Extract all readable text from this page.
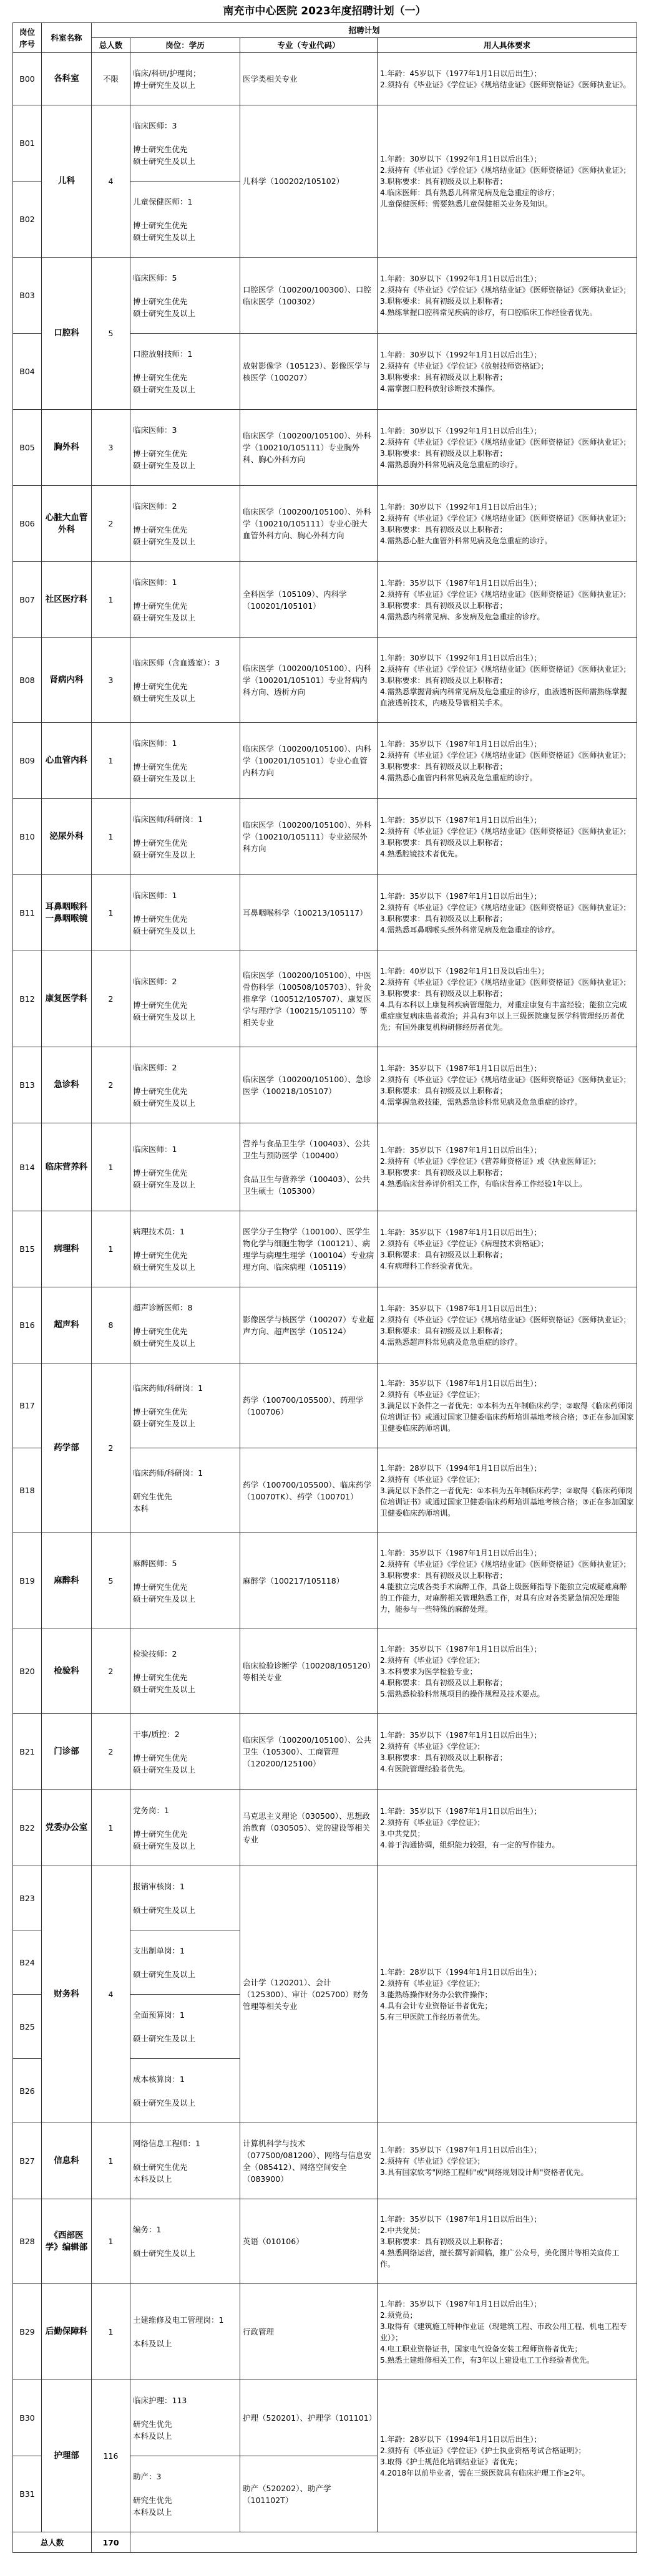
南充市中心医院 2023年度招聘计划（一）
岗位序号	科室名称	招聘计划			
		总人数	岗位：学历	专业（专业代码）	用人具体要求
B00	各科室	不限	临床/科研/护理岗；
博士研究生及以上	医学类相关专业	1.年龄：45岁以下（1977年1月1日以后出生）；
2.须持有《毕业证》《学位证》《规培结业证》《医师资格证》《医师执业证》。
B01	儿科	4	临床医师：3

博士研究生优先
硕士研究生及以上	儿科学（100202/105102）	1.年龄：30岁以下（1992年1月1日以后出生）；
2.须持有《毕业证》《学位证》《规培结业证》《医师资格证》《医师执业证》；
3.职称要求：具有初级及以上职称者；
4.临床医师：具有熟悉儿科常见病及危急重症的诊疗；
儿童保健医师：需要熟悉儿童保健相关业务及知识。
B02			儿童保健医师：1

博士研究生优先
硕士研究生及以上		
B03	口腔科	5	临床医师：5

博士研究生优先
硕士研究生及以上	口腔医学（100200/100300）、口腔临床医学（100302）	1.年龄：30岁以下（1992年1月1日以后出生）；
2.须持有《毕业证》《学位证》《规培结业证》《医师资格证》《医师执业证》；
3.职称要求：具有初级及以上职称者；
4.熟练掌握口腔科常见疾病的诊疗，有口腔临床工作经验者优先。
B04			口腔放射技师：1

博士研究生优先
硕士研究生及以上	放射影像学（105123）、影像医学与核医学（100207）	1.年龄：30岁以下（1992年1月1日以后出生）；
2.须持有《毕业证》《学位证》《放射技师资格证》；
3.职称要求：具有初级及以上职称者；
4.需掌握口腔科放射诊断技术操作。
B05	胸外科	3	临床医师：3

博士研究生优先
硕士研究生及以上	临床医学（100200/105100）、外科学（100210/105111）专业胸外科、胸心外科方向	1.年龄：30岁以下（1992年1月1日以后出生）；
2.须持有《毕业证》《学位证》《规培结业证》《医师资格证》《医师执业证》；
3.职称要求：具有初级及以上职称者；
4.需熟悉胸外科常见病及危急重症的诊疗。
B06	心脏大血管外科	2	临床医师：2

博士研究生优先
硕士研究生及以上	临床医学（100200/105100）、外科学（100210/105111）专业心脏大血管外科方向、胸心外科方向	1.年龄：30岁以下（1992年1月1日以后出生）；
2.须持有《毕业证》《学位证》《规培结业证》《医师资格证》《医师执业证》；
3.职称要求：具有初级及以上职称者；
4.需熟悉心脏大血管外科常见病及危急重症的诊疗。
B07	社区医疗科	1	临床医师：1

博士研究生优先
硕士研究生及以上	全科医学（105109）、内科学（100201/105101）	1.年龄：35岁以下（1987年1月1日以后出生）；
2.须持有《毕业证》《学位证》《规培结业证》《医师资格证》《医师执业证》；
3.职称要求：具有初级及以上职称者；
4.需熟悉内科常见病、多发病及危急重症的诊疗。
B08	肾病内科	3	临床医师（含血透室）：3

博士研究生优先
硕士研究生及以上	临床医学（100200/105100）、内科学（100201/105101）专业肾病内科方向、透析方向	1.年龄：30岁以下（1992年1月1日以后出生）；
2.须持有《毕业证》《学位证》《规培结业证》《医师资格证》《医师执业证》；
3.职称要求：具有初级及以上职称者；
4.需熟悉掌握肾病内科常见病及危急重症的诊疗，血液透析医师需熟练掌握血液透析技术，内瘘及导管相关手术。
B09	心血管内科	1	临床医师：1

博士研究生优先
硕士研究生及以上	临床医学（100200/105100）、内科学（100201/105101）专业心血管内科方向	1.年龄：35岁以下（1987年1月1日以后出生）；
2.须持有《毕业证》《学位证》《规培结业证》《医师资格证》《医师执业证》；
3.职称要求：具有初级及以上职称者；
4.需熟悉心血管内科常见病及危急重症的诊疗。
B10	泌尿外科	1	临床医师/科研岗：1

博士研究生优先
硕士研究生及以上	临床医学（100200/105100）、外科学（100210/105111）专业泌尿外科方向	1.年龄：35岁以下（1987年1月1日以后出生）；
2.须持有《毕业证》《学位证》《规培结业证》《医师资格证》《医师执业证》；
3.职称要求：具有初级及以上职称者；
4.熟悉腔镜技术者优先。
B11	耳鼻咽喉科一鼻咽喉镜	1	临床医师：1

博士研究生优先
硕士研究生及以上	耳鼻咽喉科学（100213/105117）	1.年龄：35岁以下（1987年1月1日以后出生）；
2.须持有《毕业证》《学位证》《规培结业证》《医师资格证》《医师执业证》；
3.职称要求：具有初级及以上职称者；
4.需熟悉耳鼻咽喉头颈外科常见病及危急重症的诊疗。
B12	康复医学科	2	临床医师：2

博士研究生优先
硕士研究生及以上	临床医学（100200/105100）、中医骨伤科学（100508/105703）、针灸推拿学（100512/105707）、康复医学与理疗学（100215/105110）等相关专业	1.年龄：40岁以下（1982年1月1日及以后出生）；
2.须持有《毕业证》《学位证》《规培结业证》《医师资格证》《医师执业证》；
3.职称要求：具有初级及以上职称者；
4.具有本科以上康复科疾病管理能力，对重症康复有丰富经验；能独立完成重症康复病床患者救治；并具有3年以上三级医院康复医学科管理经历者优先；有国外康复机构研修经历者优先。
B13	急诊科	2	临床医师：2

博士研究生优先
硕士研究生及以上	临床医学（100200/105100）、急诊医学（100218/105107）	1.年龄：35岁以下（1987年1月1日以后出生）；
2.须持有《毕业证》《学位证》《规培结业证》《医师资格证》《医师执业证》；
3.职称要求：具有初级及以上职称者；
4.需掌握急救技能，需熟悉急诊科常见病及危急重症的诊疗。
B14	临床营养科	1	临床医师：1

博士研究生优先
硕士研究生及以上	营养与食品卫生学（100403）、公共卫生与预防医学（100400）

食品卫生与营养学（100403）、公共卫生硕士（105300）	1.年龄：35岁以下（1987年1月1日以后出生）；
2.须持有《毕业证》《学位证》《营养师资格证》或《执业医师证》；
3.职称要求：具有初级及以上职称者；
4.熟悉临床营养评价相关工作，有临床营养工作经验1年以上。
B15	病理科	1	病理技术员：1

博士研究生优先
硕士研究生及以上	医学分子生物学（100100）、医学生物化学与细胞生物学（100121）、病理学与病理生理学（100104）专业病理方向、临床病理（105119）	1.年龄：35岁以下（1987年1月1日以后出生）；
2.须持有《毕业证》《学位证》《病理技术资格证》；
3.职称要求：具有初级及以上职称者；
4.有病理科工作经验者优先。
B16	超声科	8	超声诊断医师：8

博士研究生优先
硕士研究生及以上	影像医学与核医学（100207）专业超声方向、超声医学（105124）	1.年龄：35岁以下（1987年1月1日以后出生）；
2.须持有《毕业证》《学位证》《规培结业证》《医师资格证》《医师执业证》；
3.职称要求：具有初级及以上职称者；
4.需熟悉超声科常见病及危急重症的诊疗。
B17	药学部	2	临床药师/科研岗：1

博士研究生优先
硕士研究生及以上	药学（100700/105500）、药理学（100706）	1.年龄：35岁以下（1987年1月1日以后出生）；
2.须持有《毕业证》《学位证》；
3.满足以下条件之一者优先：①本科为五年制临床药学；②取得《临床药师岗位培训证书》或通过国家卫健委临床药师培训基地考核合格；③正在参加国家卫健委临床药师培训。
B18			临床药师/科研岗：1

研究生优先
本科	药学（100700/105500）、临床药学（10070TK）、药学（100701）	1.年龄：28岁以下（1994年1月1日以后出生）；
2.须持有《毕业证》《学位证》；
3.满足以下条件之一者优先：①本科为五年制临床药学；②取得《临床药师岗位培训证书》或通过国家卫健委临床药师培训基地考核合格；③正在参加国家卫健委临床药师培训。
B19	麻醉科	5	麻醉医师：5

博士研究生优先
硕士研究生及以上	麻醉学（100217/105118）	1.年龄：35岁以下（1987年1月1日以后出生）；
2.须持有《毕业证》《学位证》《规培结业证》《医师资格证》《医师执业证》；
3.职称要求：具有初级及以上职称者；
4.能独立完成各类手术麻醉工作，具备上级医师指导下能独立完成疑难麻醉的工作能力，对麻醉相关管理熟悉工作，对具有应对各类紧急情况处理能力，能参与一些特殊的麻醉处理。
B20	检验科	2	检验技师：2

博士研究生优先
硕士研究生及以上	临床检验诊断学（100208/105120）等相关专业	1.年龄：35岁以下（1987年1月1日以后出生）；
2.须持有《毕业证》《学位证》；
3.本科要求为医学检验专业；
4.职称要求：具有初级及以上职称者；
5.需熟悉检验科常规项目的操作规程及技术要点。
B21	门诊部	2	干事/质控：2

博士研究生优先
硕士研究生及以上	临床医学（100200/105100）、公共卫生（105300）、工商管理（120200/125100）	1.年龄：35岁以下（1987年1月1日以后出生）；
2.须持有《毕业证》《学位证》；
3.职称要求：具有初级及以上职称者；
4.有医院管理经验者优先。
B22	党委办公室	1	党务岗：1

博士研究生优先
硕士研究生及以上	马克思主义理论（030500）、思想政治教育（030505）、党的建设等相关专业	1.年龄：35岁以下（1987年1月1日以后出生）；
2.须持有《毕业证》《学位证》；
3.中共党员；
4.善于沟通协调，组织能力较强，有一定的写作能力。
B23	财务科	4	报销审核岗：1

硕士研究生及以上	会计学（120201）、会计（125300）、审计（025700）财务管理等相关专业	1.年龄：28岁以下（1994年1月1日以后出生）；
2.须持有《毕业证》《学位证》；
3.能熟练操作财务办公软件操作；
4.具有会计专业资格证书者优先；
5.有三甲医院工作经历者优先。
B24			支出制单岗：1

硕士研究生及以上		
B25			全面预算岗：1

硕士研究生及以上		
B26			成本核算岗：1

硕士研究生及以上		
B27	信息科	1	网络信息工程师：1

硕士研究生优先
本科及以上	计算机科学与技术（077500/081200）、网络与信息安全（085412）、网络空间安全（083900）	1.年龄：35岁以下（1987年1月1日以后出生）；
2.须持有《毕业证》《学位证》；
3.具有国家软考"网络工程师"或"网络规划设计师"资格者优先。
B28	《西部医学》编辑部	1	编务：1

硕士研究生及以上	英语（010106）	1.年龄：35岁以下（1987年1月1日以后出生）；
2.中共党员；
3.职称要求：具有初级及以上职称者；
4.熟悉网络运营，擅长撰写新闻稿，推广公众号，美化图片等相关宣传工作。
B29	后勤保障科	1	土建维修及电工管理岗：1

本科及以上	行政管理	1.年龄：35岁以下（1987年1月1日以后出生）；
2.须党员；
3.取得有《建筑施工特种作业证（现建筑工程、市政公用工程、机电工程专业）》；
4.电工职业资格证书，国家电气设备安装工程师资格者优先；
5.熟悉土建维修相关工作，有3年以上建设电工工作经验者优先。
B30	护理部	116	临床护理：113

研究生优先
本科及以上	护理（520201）、护理学（101101）	1.年龄：28岁以下（1994年1月1日以后出生）；
2.须持有《毕业证》《学位证》《护士执业资格考试合格证明》；
3.取得《护士规范化培训结业证》者优先；
4.2018年以前毕业者，需在三级医院具有临床护理工作≥2年。
B31			助产：3

研究生优先
本科及以上	助产（520202）、助产学（101102T）	
总人数		170			
